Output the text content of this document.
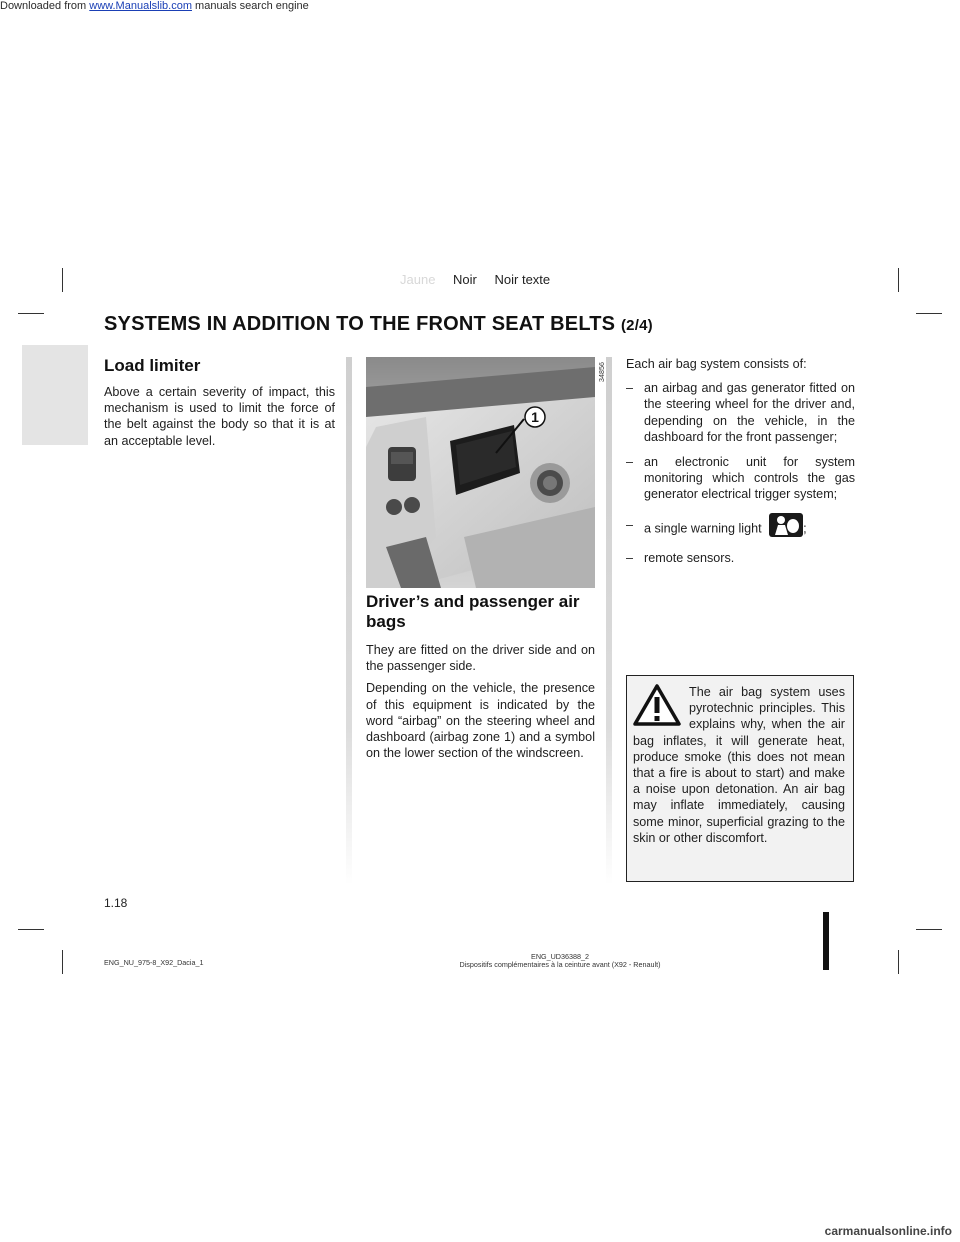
Downloaded from www.Manualslib.com manuals search engine
Jaune Noir Noir texte
SYSTEMS IN ADDITION TO THE FRONT SEAT BELTS (2/4)
Load limiter

Above a certain severity of impact, this mechanism is used to limit the force of the belt against the body so that it is at an acceptable level.

1
34856
Driver’s and passenger air bags

They are fitted on the driver side and on the passenger side.

Depending on the vehicle, the presence of this equipment is indicated by the word “airbag” on the steering wheel and dashboard (airbag zone 1) and a symbol on the lower section of the windscreen.

Each air bag system consists of:

– an airbag and gas generator fitted on the steering wheel for the driver and, depending on the vehicle, in the dashboard for the front passenger;
– an electronic unit for system monitoring which controls the gas generator electrical trigger system;
– a single warning light	;
– remote sensors.

The air bag system uses pyrotechnic principles. This explains why, when the air bag inflates, it will generate heat, produce smoke (this does not mean that a fire is about to start) and make a noise upon detonation. An air bag may inflate immediately, causing some minor, superficial grazing to the skin or other discomfort.

1.18
ENG_NU_975-8_X92_Dacia_1
ENG_UD36388_2
Dispositifs complémentaires à la ceinture avant (X92 - Renault)
carmanualsonline.info
